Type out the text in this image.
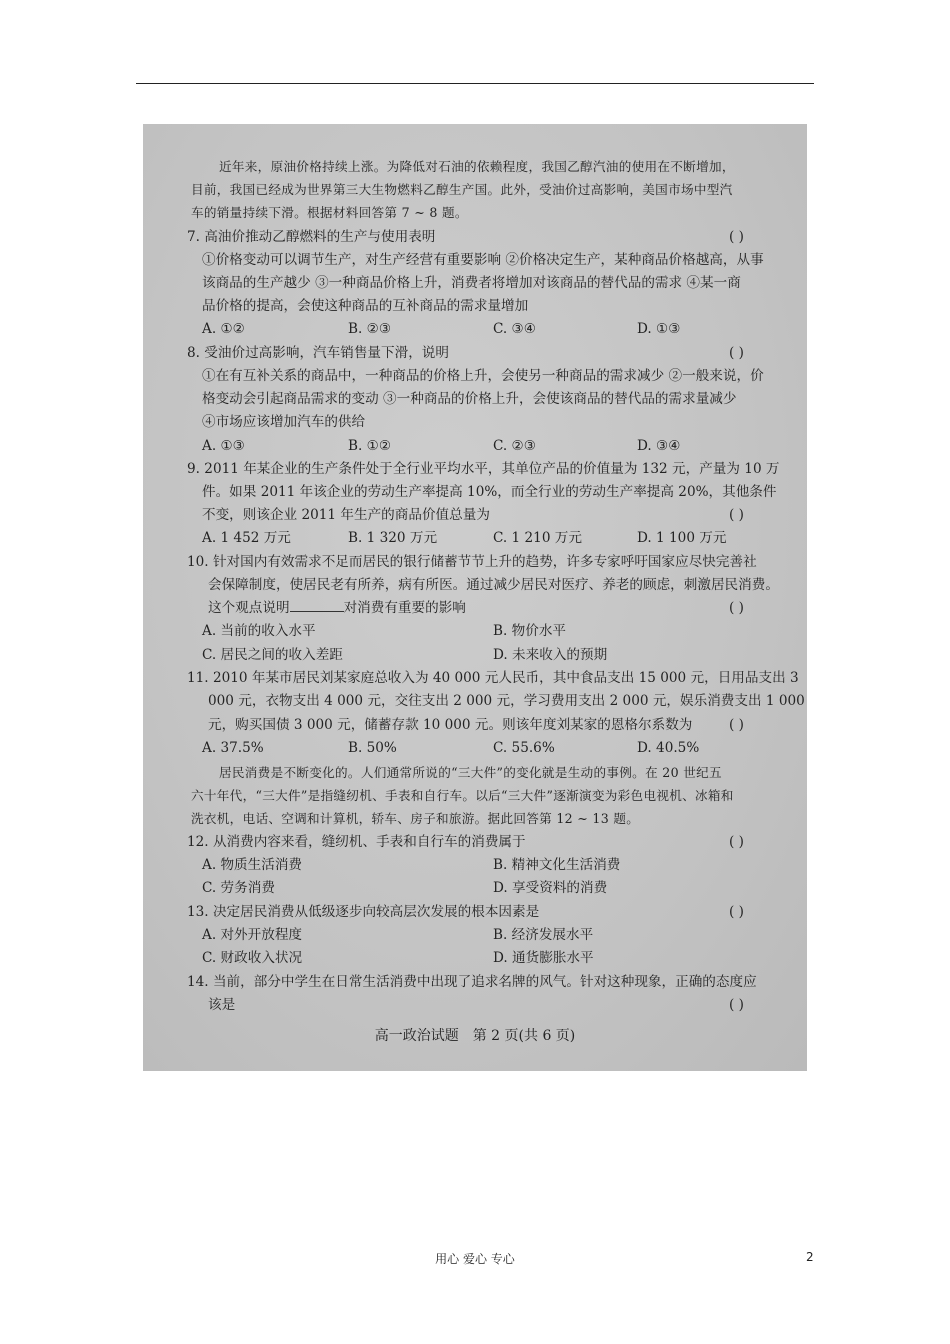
近年来，原油价格持续上涨。为降低对石油的依赖程度，我国乙醇汽油的使用在不断增加，
目前，我国已经成为世界第三大生物燃料乙醇生产国。此外，受油价过高影响，美国市场中型汽
车的销量持续下滑。根据材料回答第 7 ~ 8 题。
7. 高油价推动乙醇燃料的生产与使用表明	( )
①价格变动可以调节生产，对生产经营有重要影响 ②价格决定生产，某种商品价格越高，从事
该商品的生产越少 ③一种商品价格上升，消费者将增加对该商品的替代品的需求 ④某一商
品价格的提高，会使这种商品的互补商品的需求量增加
A. ①②	B. ②③	C. ③④	D. ①③
8. 受油价过高影响，汽车销售量下滑，说明	( )
①在有互补关系的商品中，一种商品的价格上升，会使另一种商品的需求减少 ②一般来说，价
格变动会引起商品需求的变动 ③一种商品的价格上升，会使该商品的替代品的需求量减少
④市场应该增加汽车的供给
A. ①③	B. ①②	C. ②③	D. ③④
9. 2011 年某企业的生产条件处于全行业平均水平，其单位产品的价值量为 132 元，产量为 10 万
件。如果 2011 年该企业的劳动生产率提高 10%，而全行业的劳动生产率提高 20%，其他条件
不变，则该企业 2011 年生产的商品价值总量为	( )
A. 1 452 万元	B. 1 320 万元	C. 1 210 万元	D. 1 100 万元
10. 针对国内有效需求不足而居民的银行储蓄节节上升的趋势，许多专家呼吁国家应尽快完善社
会保障制度，使居民老有所养，病有所医。通过减少居民对医疗、养老的顾虑，刺激居民消费。
这个观点说明	对消费有重要的影响	( )
A. 当前的收入水平	B. 物价水平
C. 居民之间的收入差距	D. 未来收入的预期
11. 2010 年某市居民刘某家庭总收入为 40 000 元人民币，其中食品支出 15 000 元，日用品支出 3
000 元，衣物支出 4 000 元，交往支出 2 000 元，学习费用支出 2 000 元，娱乐消费支出 1 000
元，购买国债 3 000 元，储蓄存款 10 000 元。则该年度刘某家的恩格尔系数为	( )
A. 37.5%	B. 50%	C. 55.6%	D. 40.5%
居民消费是不断变化的。人们通常所说的“三大件”的变化就是生动的事例。在 20 世纪五
六十年代，“三大件”是指缝纫机、手表和自行车。以后“三大件”逐渐演变为彩色电视机、冰箱和
洗衣机，电话、空调和计算机，轿车、房子和旅游。据此回答第 12 ~ 13 题。
12. 从消费内容来看，缝纫机、手表和自行车的消费属于	( )
A. 物质生活消费	B. 精神文化生活消费
C. 劳务消费	D. 享受资料的消费
13. 决定居民消费从低级逐步向较高层次发展的根本因素是	( )
A. 对外开放程度	B. 经济发展水平
C. 财政收入状况	D. 通货膨胀水平
14. 当前，部分中学生在日常生活消费中出现了追求名牌的风气。针对这种现象，正确的态度应
该是	( )
高一政治试题　第 2 页(共 6 页)
用心 爱心 专心	2
